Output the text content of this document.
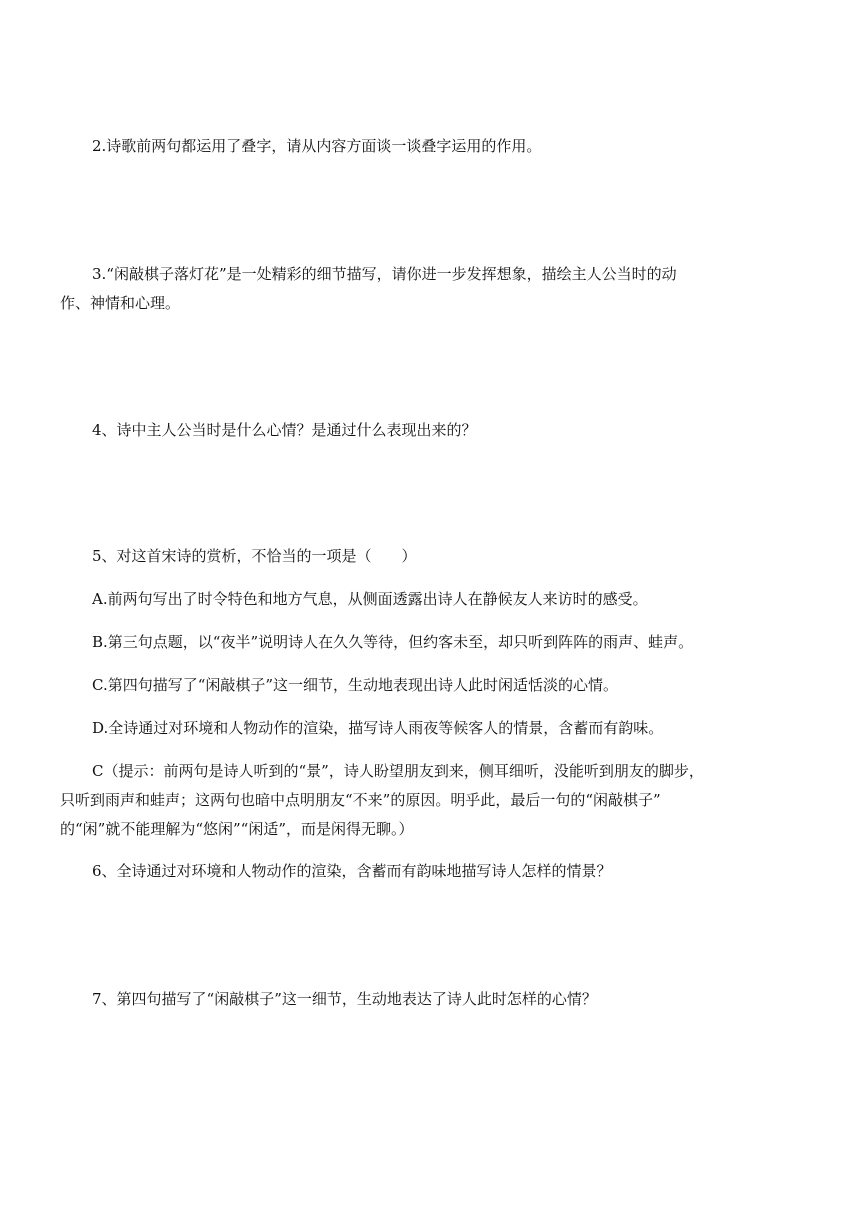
2.诗歌前两句都运用了叠字，请从内容方面谈一谈叠字运用的作用。
3.“闲敲棋子落灯花”是一处精彩的细节描写，请你进一步发挥想象，描绘主人公当时的动
作、神情和心理。
4、诗中主人公当时是什么心情？是通过什么表现出来的？
5、对这首宋诗的赏析，不恰当的一项是（　　）
A.前两句写出了时令特色和地方气息，从侧面透露出诗人在静候友人来访时的感受。
B.第三句点题，以“夜半”说明诗人在久久等待，但约客未至，却只听到阵阵的雨声、蛙声。
C.第四句描写了“闲敲棋子”这一细节，生动地表现出诗人此时闲适恬淡的心情。
D.全诗通过对环境和人物动作的渲染，描写诗人雨夜等候客人的情景，含蓄而有韵味。
C（提示：前两句是诗人听到的“景”，诗人盼望朋友到来，侧耳细听，没能听到朋友的脚步，
只听到雨声和蛙声；这两句也暗中点明朋友“不来”的原因。明乎此，最后一句的“闲敲棋子”
的“闲”就不能理解为“悠闲”“闲适”，而是闲得无聊。）
6、全诗通过对环境和人物动作的渲染，含蓄而有韵味地描写诗人怎样的情景？
7、第四句描写了“闲敲棋子”这一细节，生动地表达了诗人此时怎样的心情？
